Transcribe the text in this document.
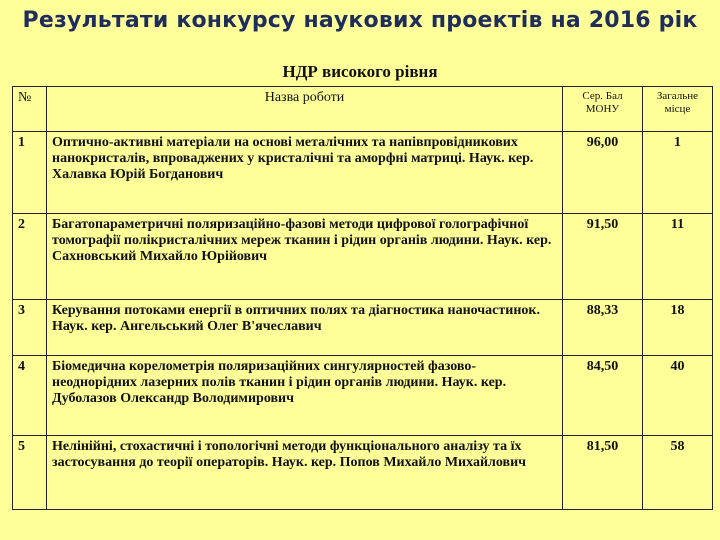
Результати конкурсу наукових проектів на 2016 рік
НДР високого рівня
№	Назва роботи	Сер. Бал МОНУ	Загальне місце
1	Оптично-активні матеріали на основі металічних та напівпровідникових нанокристалів, впроваджених у кристалічні та аморфні матриці. Наук. кер. Халавка Юрій Богданович	96,00	1
2	Багатопараметричні поляризаційно-фазові методи цифрової голографічної томографії полікристалічних мереж тканин і рідин органів людини. Наук. кер. Сахновський Михайло Юрійович	91,50	11
3	Керування потоками енергії в оптичних полях та діагностика наночастинок. Наук. кер. Ангельський Олег В'ячеславич	88,33	18
4	Біомедична корелометрія поляризаційних сингулярностей фазово-неоднорідних лазерних полів тканин і рідин органів людини. Наук. кер. Дуболазов Олександр Володимирович	84,50	40
5	Нелінійні, стохастичні і топологічні методи функціонального аналізу та їх застосування до теорії операторів. Наук. кер. Попов Михайло Михайлович	81,50	58
